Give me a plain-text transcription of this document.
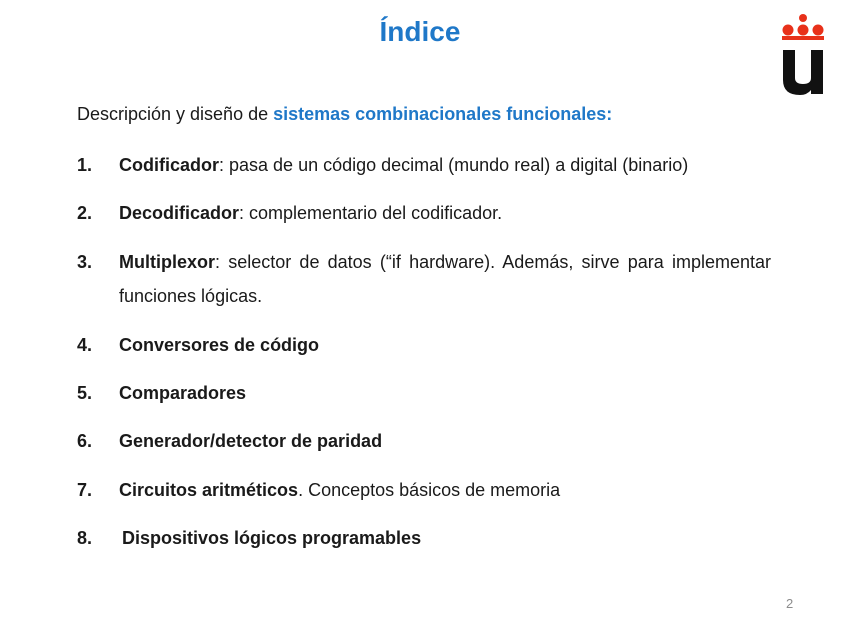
Índice

Descripción y diseño de sistemas combinacionales funcionales:

1. Codificador: pasa de un código decimal (mundo real) a digital (binario)
2. Decodificador: complementario del codificador.
3. Multiplexor: selector de datos (“if hardware). Además, sirve para implementar funciones lógicas.
4. Conversores de código
5. Comparadores
6. Generador/detector de paridad
7. Circuitos aritméticos. Conceptos básicos de memoria
8. Dispositivos lógicos programables
2
